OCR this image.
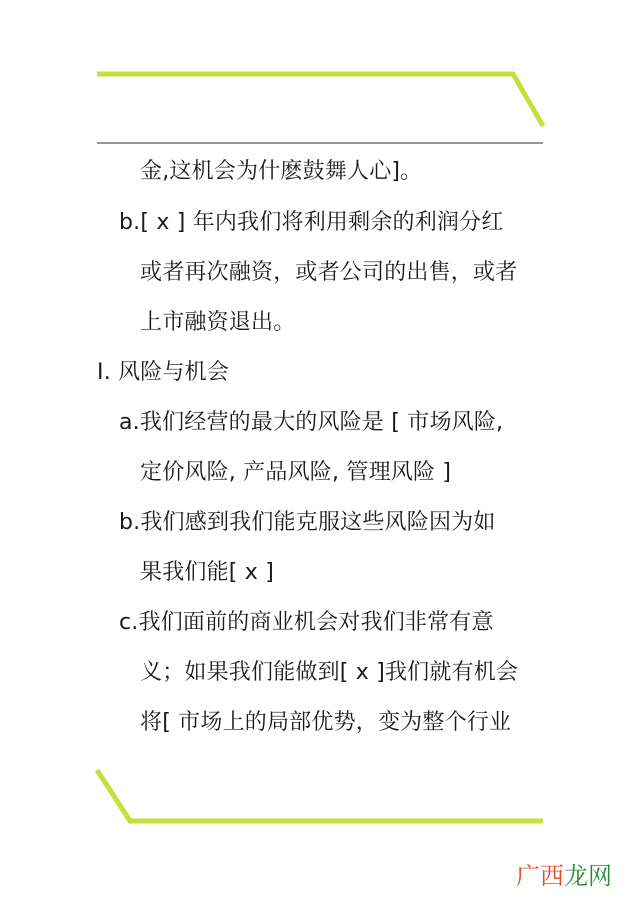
金,这机会为什麽鼓舞人心]。
b.[ x ] 年内我们将利用剩余的利润分红
或者再次融资，或者公司的出售，或者
上市融资退出。
I. 风险与机会
a.我们经营的最大的风险是 [ 市场风险,
定价风险, 产品风险, 管理风险 ]
b.我们感到我们能克服这些风险因为如
果我们能[ x ]
c.我们面前的商业机会对我们非常有意
义；如果我们能做到[ x ]我们就有机会
将[ 市场上的局部优势，变为整个行业
广西龙网
